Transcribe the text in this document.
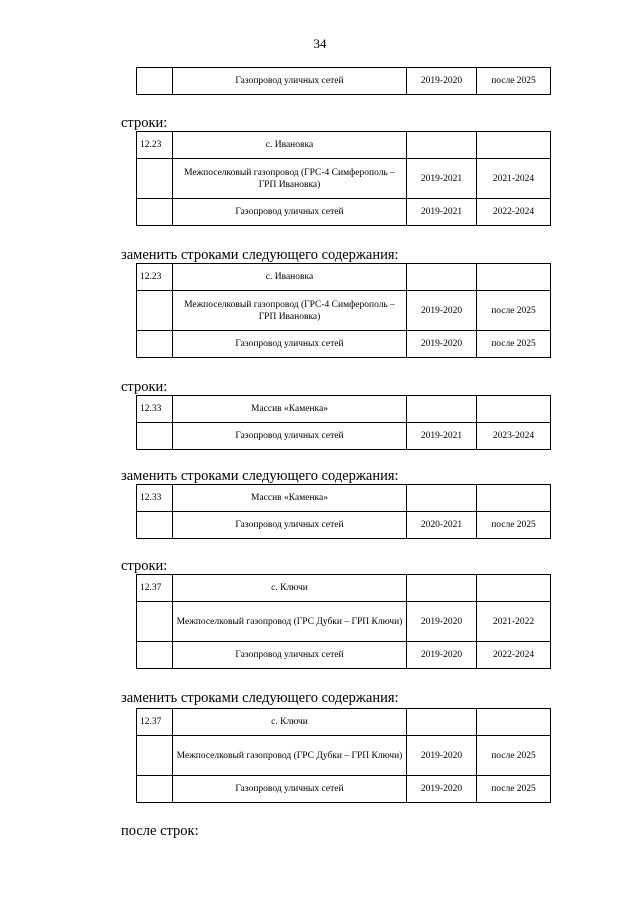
34
	Газопровод уличных сетей	2019-2020	после 2025
строки:
12.23	с. Ивановка		
	Межпоселковый газопровод (ГРС-4 Симферополь – ГРП Ивановка)	2019-2021	2021-2024
	Газопровод уличных сетей	2019-2021	2022-2024
заменить строками следующего содержания:
12.23	с. Ивановка		
	Межпоселковый газопровод (ГРС-4 Симферополь – ГРП Ивановка)	2019-2020	после 2025
	Газопровод уличных сетей	2019-2020	после 2025
строки:
12.33	Массив «Каменка»		
	Газопровод уличных сетей	2019-2021	2023-2024
заменить строками следующего содержания:
12.33	Массив «Каменка»		
	Газопровод уличных сетей	2020-2021	после 2025
строки:
12.37	с. Ключи		
	Межпоселковый газопровод (ГРС Дубки – ГРП Ключи)	2019-2020	2021-2022
	Газопровод уличных сетей	2019-2020	2022-2024
заменить строками следующего содержания:
12.37	с. Ключи		
	Межпоселковый газопровод (ГРС Дубки – ГРП Ключи)	2019-2020	после 2025
	Газопровод уличных сетей	2019-2020	после 2025
после строк:
